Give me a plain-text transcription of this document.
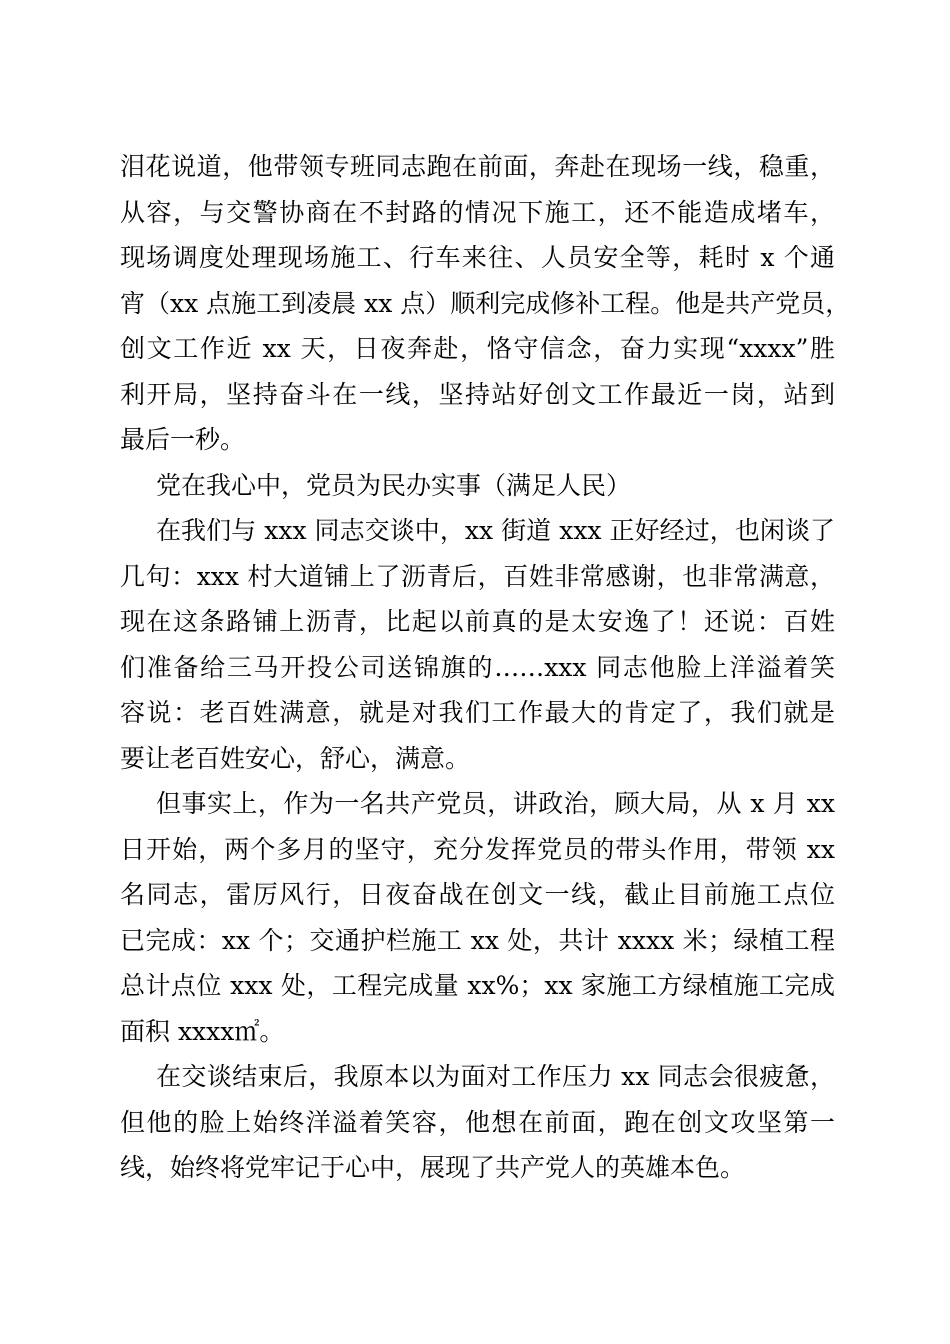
泪花说道，他带领专班同志跑在前面，奔赴在现场一线，稳重，
从容，与交警协商在不封路的情况下施工，还不能造成堵车，
现场调度处理现场施工、行车来往、人员安全等，耗时 x 个通
宵（xx 点施工到凌晨 xx 点）顺利完成修补工程。他是共产党员，
创文工作近 xx 天，日夜奔赴，恪守信念，奋力实现“xxxx”胜
利开局，坚持奋斗在一线，坚持站好创文工作最近一岗，站到
最后一秒。
党在我心中，党员为民办实事（满足人民）
在我们与 xxx 同志交谈中，xx 街道 xxx 正好经过，也闲谈了
几句：xxx 村大道铺上了沥青后，百姓非常感谢，也非常满意，
现在这条路铺上沥青，比起以前真的是太安逸了！还说：百姓
们准备给三马开投公司送锦旗的……xxx 同志他脸上洋溢着笑
容说：老百姓满意，就是对我们工作最大的肯定了，我们就是
要让老百姓安心，舒心，满意。
但事实上，作为一名共产党员，讲政治，顾大局，从 x 月 xx
日开始，两个多月的坚守，充分发挥党员的带头作用，带领 xx
名同志，雷厉风行，日夜奋战在创文一线，截止目前施工点位
已完成：xx 个；交通护栏施工 xx 处，共计 xxxx 米；绿植工程
总计点位 xxx 处，工程完成量 xx%；xx 家施工方绿植施工完成
面积 xxxx㎡。
在交谈结束后，我原本以为面对工作压力 xx 同志会很疲惫，
但他的脸上始终洋溢着笑容，他想在前面，跑在创文攻坚第一
线，始终将党牢记于心中，展现了共产党人的英雄本色。
